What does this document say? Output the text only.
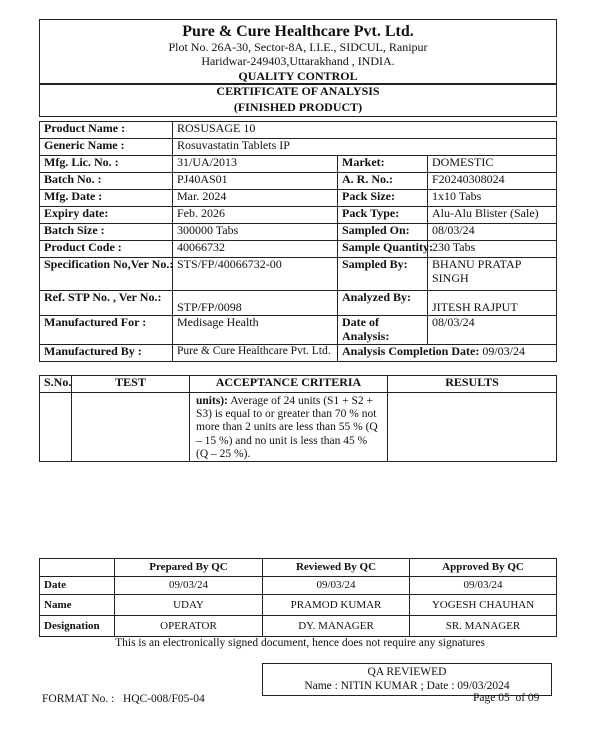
Pure & Cure Healthcare Pvt. Ltd.
Plot No. 26A-30, Sector-8A, I.I.E., SIDCUL, Ranipur
Haridwar-249403,Uttarakhand , INDIA.
QUALITY CONTROL
CERTIFICATE OF ANALYSIS
(FINISHED PRODUCT)
Product Name :	ROSUSAGE 10		
Generic Name :	Rosuvastatin Tablets IP		
Mfg. Lic. No. :	31/UA/2013	Market:	DOMESTIC
Batch No. :	PJ40AS01	A. R. No.:	F20240308024
Mfg. Date :	Mar. 2024	Pack Size:	1x10 Tabs
Expiry date:	Feb. 2026	Pack Type:	Alu-Alu Blister (Sale)
Batch Size :	300000 Tabs	Sampled On:	08/03/24
Product Code :	40066732	Sample Quantity:	230 Tabs
Specification No,Ver No.:	STS/FP/40066732-00	Sampled By:	BHANU PRATAP SINGH
Ref. STP No. , Ver No.:	STP/FP/0098	Analyzed By:	JITESH RAJPUT
Manufactured For :	Medisage Health	Date of Analysis:	08/03/24
Manufactured By :	Pure & Cure Healthcare Pvt. Ltd.	Analysis Completion Date: 09/03/24	
S.No.	TEST	ACCEPTANCE CRITERIA	RESULTS
		units): Average of 24 units (S1 + S2 + S3) is equal to or greater than 70 % not more than 2 units are less than 55 % (Q – 15 %) and no unit is less than 45 % (Q – 25 %).	
	Prepared By QC	Reviewed By QC	Approved By QC
Date	09/03/24	09/03/24	09/03/24
Name	UDAY	PRAMOD KUMAR	YOGESH CHAUHAN
Designation	OPERATOR	DY. MANAGER	SR. MANAGER
This is an electronically signed document, hence does not require any signatures
QA REVIEWED
Name : NITIN KUMAR ; Date : 09/03/2024
FORMAT No. :   HQC-008/F05-04	Page 05  of 09
